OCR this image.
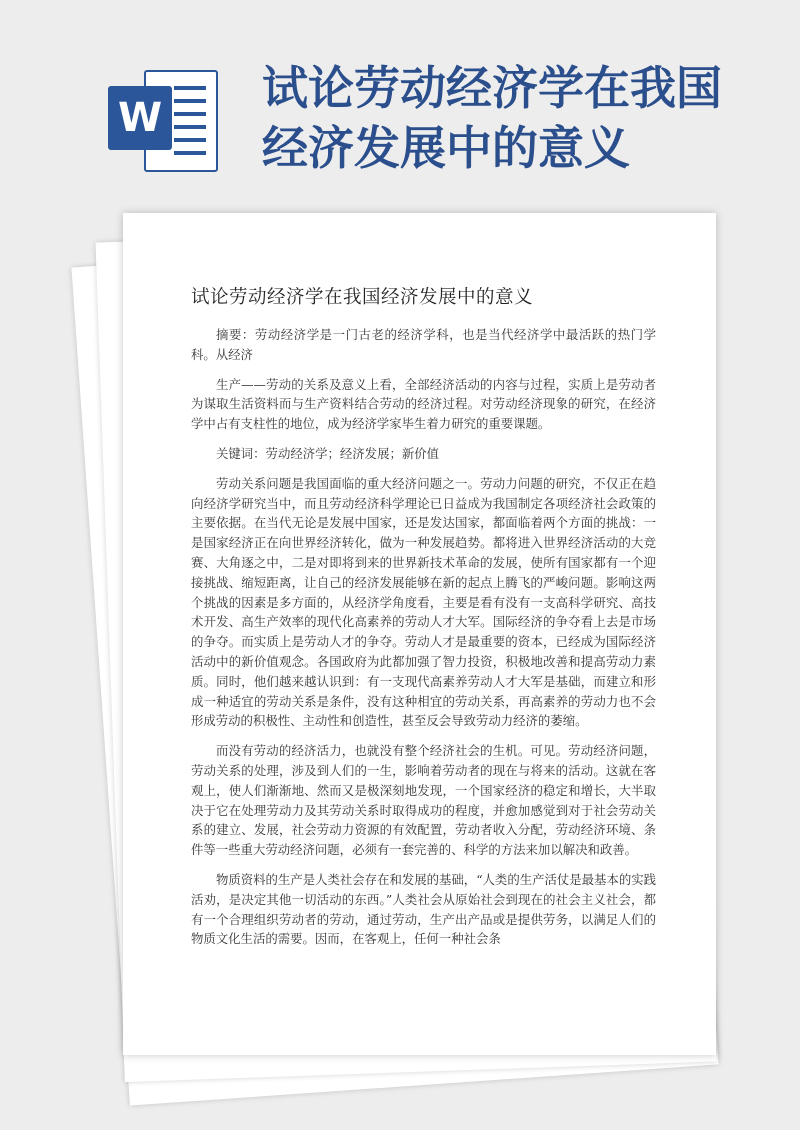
W
试论劳动经济学在我国
经济发展中的意义
试论劳动经济学在我国经济发展中的意义

摘要：劳动经济学是一门古老的经济学科，也是当代经济学中最活跃的热门学科。从经济

生产——劳动的关系及意义上看，全部经济活动的内容与过程，实质上是劳动者为谋取生活资料而与生产资料结合劳动的经济过程。对劳动经济现象的研究，在经济学中占有支柱性的地位，成为经济学家毕生着力研究的重要课题。

关键词：劳动经济学；经济发展；新价值

劳动关系问题是我国面临的重大经济问题之一。劳动力问题的研究，不仅正在趋向经济学研究当中，而且劳动经济科学理论已日益成为我国制定各项经济社会政策的主要依据。在当代无论是发展中国家，还是发达国家，都面临着两个方面的挑战：一是国家经济正在向世界经济转化，做为一种发展趋势。都将进入世界经济活动的大竞赛、大角逐之中，二是对即将到来的世界新技术革命的发展，使所有国家都有一个迎接挑战、缩短距离，让自己的经济发展能够在新的起点上腾飞的严峻问题。影响这两个挑战的因素是多方面的，从经济学角度看，主要是看有没有一支高科学研究、高技术开发、高生产效率的现代化高素养的劳动人才大军。国际经济的争夺看上去是市场的争夺。而实质上是劳动人才的争夺。劳动人才是最重要的资本，已经成为国际经济活动中的新价值观念。各国政府为此都加强了智力投资，积极地改善和提高劳动力素质。同时，他们越来越认识到：有一支现代高素养劳动人才大军是基础，而建立和形成一种适宜的劳动关系是条件，没有这种相宜的劳动关系，再高素养的劳动力也不会形成劳动的积极性、主动性和创造性，甚至反会导致劳动力经济的萎缩。

而没有劳动的经济活力，也就没有整个经济社会的生机。可见。劳动经济问题，劳动关系的处理，涉及到人们的一生，影响着劳动者的现在与将来的活动。这就在客观上，使人们渐渐地、然而又是极深刻地发现，一个国家经济的稳定和增长，大半取决于它在处理劳动力及其劳动关系时取得成功的程度，并愈加感觉到对于社会劳动关系的建立、发展，社会劳动力资源的有效配置，劳动者收入分配，劳动经济环境、条件等一些重大劳动经济问题，必须有一套完善的、科学的方法来加以解决和政善。

物质资料的生产是人类社会存在和发展的基础，“人类的生产活仗是最基本的实践活劝，是决定其他一切活动的东西。”人类社会从原始社会到现在的社会主义社会，都有一个合理组织劳动者的劳动，通过劳动，生产出产品或是提供劳务，以满足人们的物质文化生活的需要。因而，在客观上，任何一种社会条
